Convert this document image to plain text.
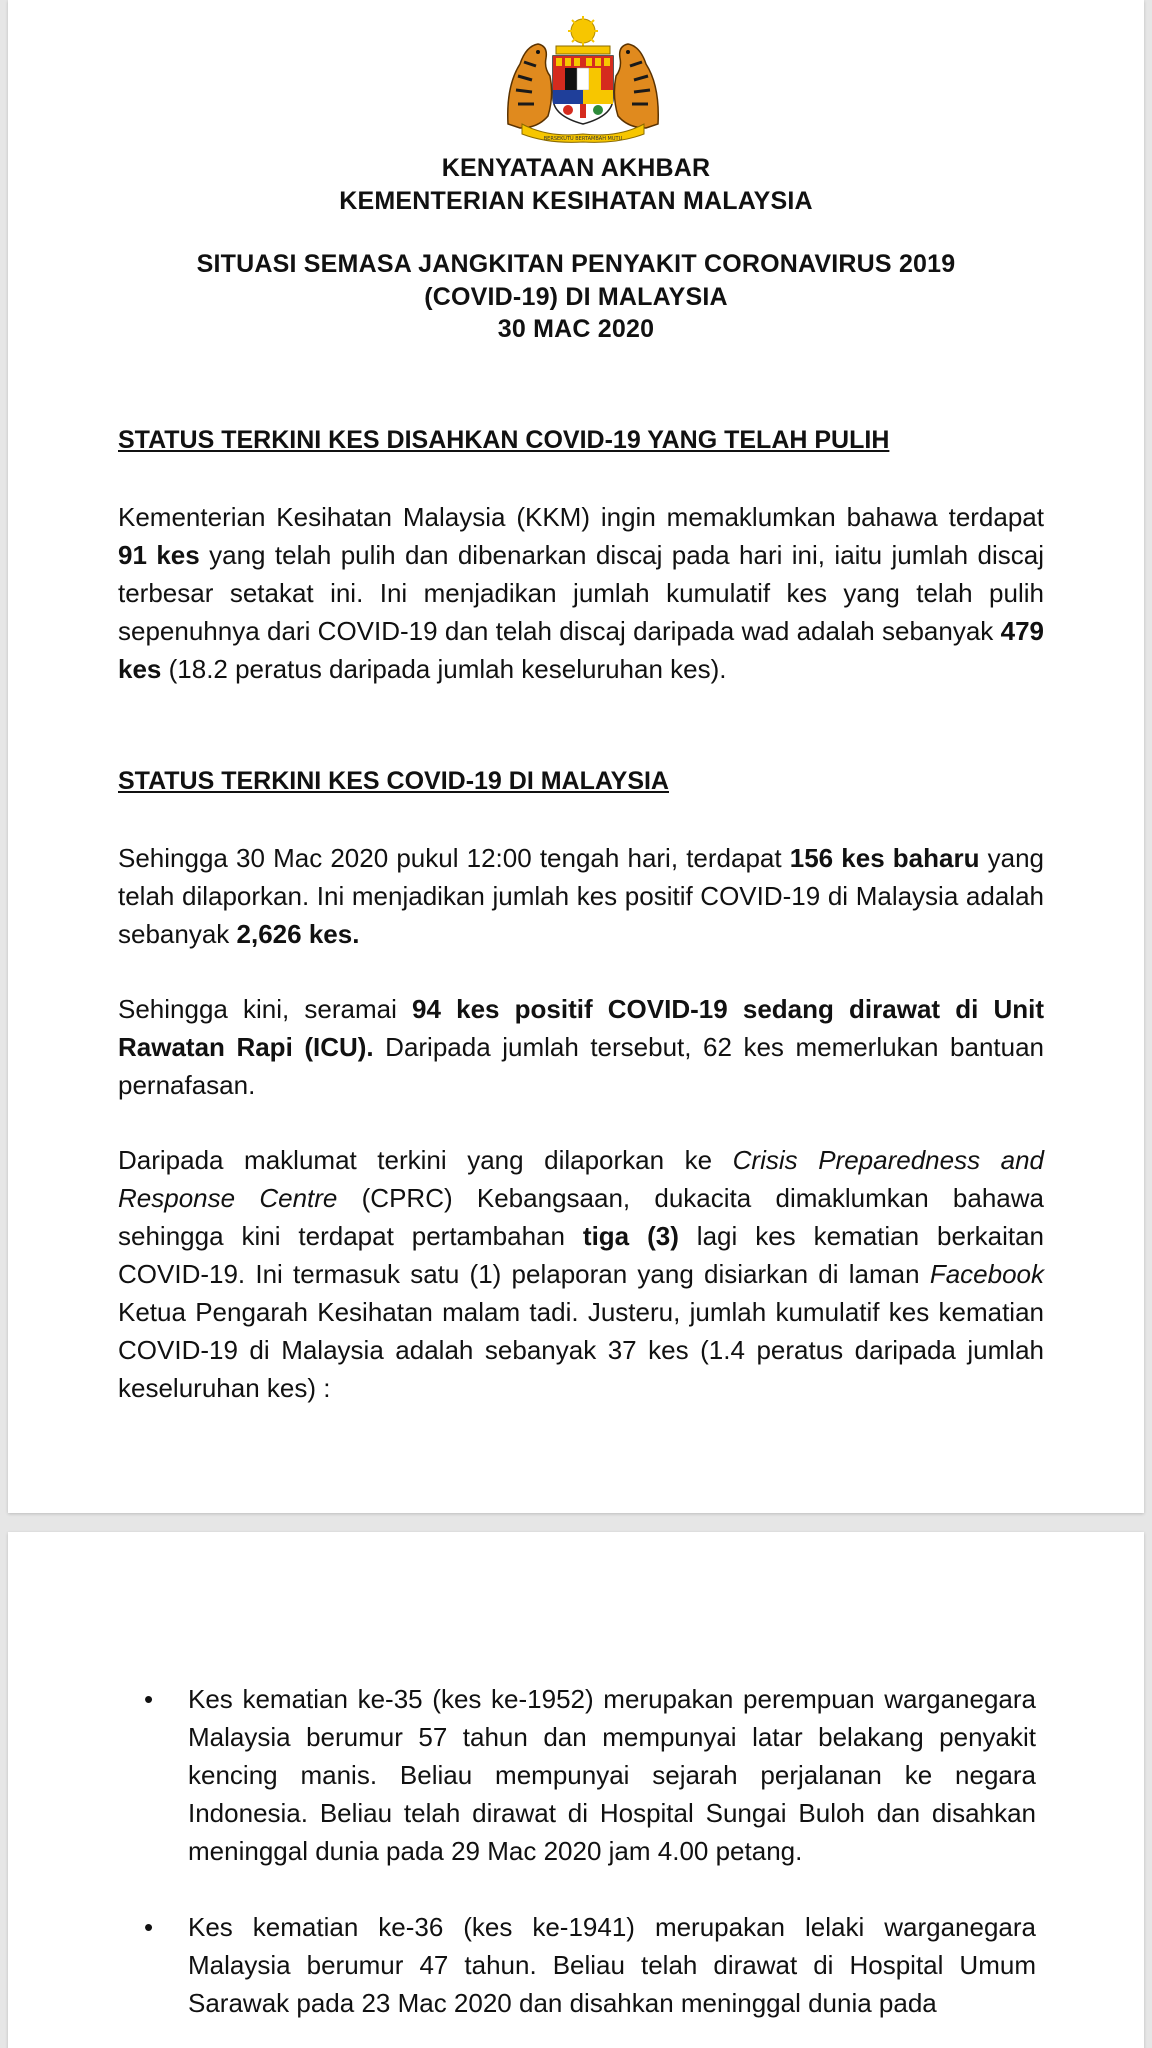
BERSEKUTU BERTAMBAH MUTU
KENYATAAN AKHBAR
KEMENTERIAN KESIHATAN MALAYSIA
SITUASI SEMASA JANGKITAN PENYAKIT CORONAVIRUS 2019
(COVID-19) DI MALAYSIA
30 MAC 2020

STATUS TERKINI KES DISAHKAN COVID-19 YANG TELAH PULIH

Kementerian Kesihatan Malaysia (KKM) ingin memaklumkan bahawa terdapat 91 kes yang telah pulih dan dibenarkan discaj pada hari ini, iaitu jumlah discaj terbesar setakat ini. Ini menjadikan jumlah kumulatif kes yang telah pulih sepenuhnya dari COVID-19 dan telah discaj daripada wad adalah sebanyak 479 kes (18.2 peratus daripada jumlah keseluruhan kes).

STATUS TERKINI KES COVID-19 DI MALAYSIA

Sehingga 30 Mac 2020 pukul 12:00 tengah hari, terdapat 156 kes baharu yang telah dilaporkan. Ini menjadikan jumlah kes positif COVID-19 di Malaysia adalah sebanyak 2,626 kes.

Sehingga kini, seramai 94 kes positif COVID-19 sedang dirawat di Unit Rawatan Rapi (ICU). Daripada jumlah tersebut, 62 kes memerlukan bantuan pernafasan.

Daripada maklumat terkini yang dilaporkan ke Crisis Preparedness and Response Centre (CPRC) Kebangsaan, dukacita dimaklumkan bahawa sehingga kini terdapat pertambahan tiga (3) lagi kes kematian berkaitan COVID-19. Ini termasuk satu (1) pelaporan yang disiarkan di laman Facebook Ketua Pengarah Kesihatan malam tadi. Justeru, jumlah kumulatif kes kematian COVID-19 di Malaysia adalah sebanyak 37 kes (1.4 peratus daripada jumlah keseluruhan kes) :

• Kes kematian ke-35 (kes ke-1952) merupakan perempuan warganegara Malaysia berumur 57 tahun dan mempunyai latar belakang penyakit kencing manis. Beliau mempunyai sejarah perjalanan ke negara Indonesia. Beliau telah dirawat di Hospital Sungai Buloh dan disahkan meninggal dunia pada 29 Mac 2020 jam 4.00 petang.
• Kes kematian ke-36 (kes ke-1941) merupakan lelaki warganegara Malaysia berumur 47 tahun. Beliau telah dirawat di Hospital Umum Sarawak pada 23 Mac 2020 dan disahkan meninggal dunia pada
